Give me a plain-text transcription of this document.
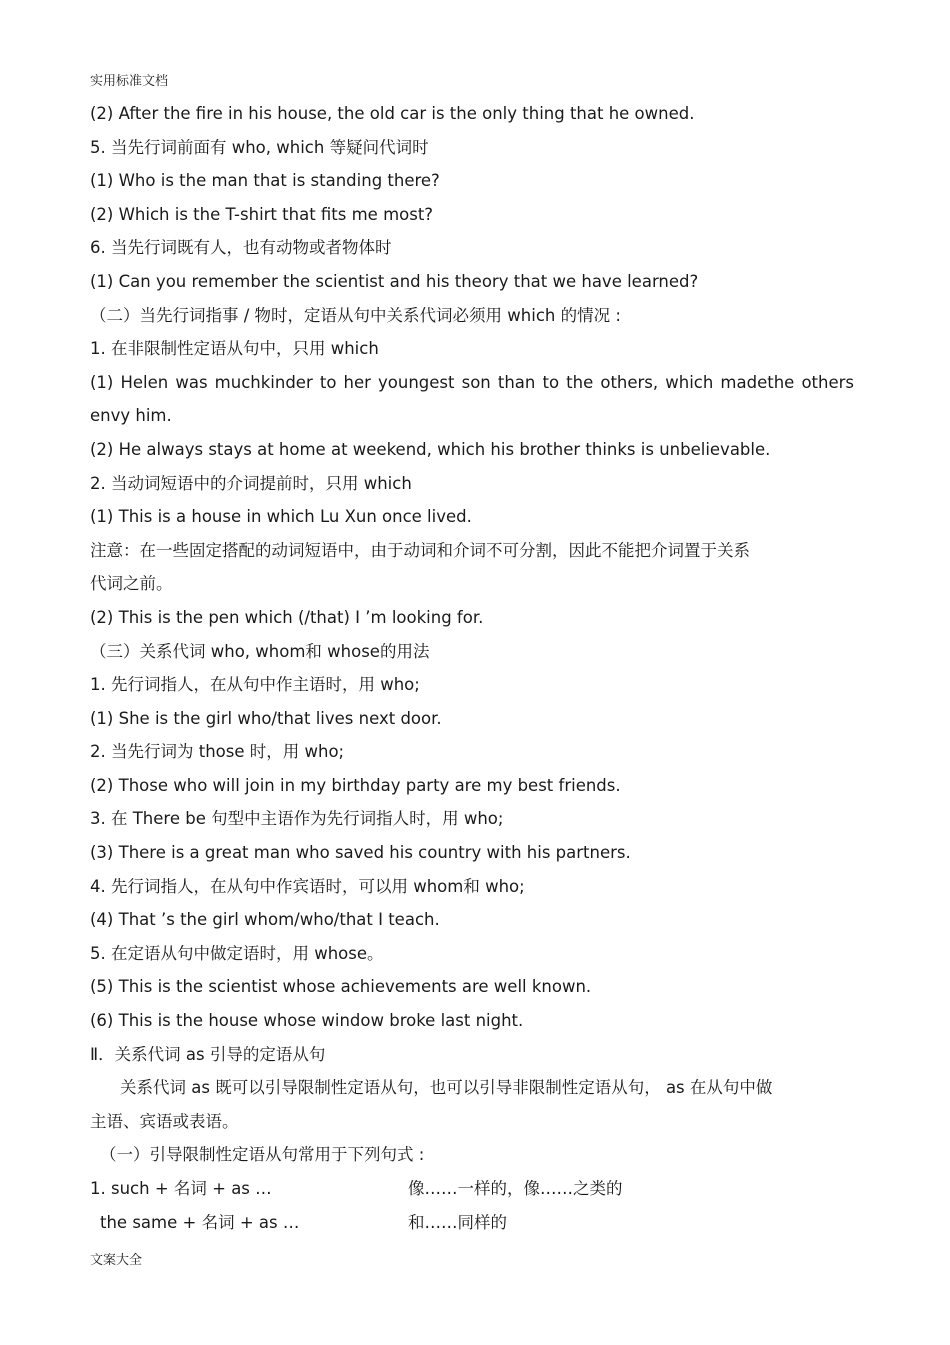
实用标准文档
(2) After the fire in his house, the old car is the only thing that he owned.
5. 当先行词前面有 who, which 等疑问代词时
(1) Who is the man that is standing there?
(2) Which is the T-shirt that fits me most?
6. 当先行词既有人，也有动物或者物体时
(1) Can you remember the scientist and his theory that we have learned?
（二）当先行词指事 / 物时，定语从句中关系代词必须用 which 的情况 :
1. 在非限制性定语从句中，只用 which
(1) Helen was muchkinder to her youngest son than to the others, which madethe others
envy him.
(2) He always stays at home at weekend, which his brother thinks is unbelievable.
2. 当动词短语中的介词提前时，只用 which
(1) This is a house in which Lu Xun once lived.
注意：在一些固定搭配的动词短语中，由于动词和介词不可分割，因此不能把介词置于关系
代词之前。
(2) This is the pen which (/that) I ’m looking for.
（三）关系代词 who, whom和 whose的用法
1. 先行词指人，在从句中作主语时，用 who;
(1) She is the girl who/that lives next door.
2. 当先行词为 those 时，用 who;
(2) Those who will join in my birthday party are my best friends.
3. 在 There be 句型中主语作为先行词指人时，用 who;
(3) There is a great man who saved his country with his partners.
4. 先行词指人，在从句中作宾语时，可以用 whom和 who;
(4) That ’s the girl whom/who/that I teach.
5. 在定语从句中做定语时，用 whose。
(5) This is the scientist whose achievements are well known.
(6) This is the house whose window broke last night.
Ⅱ．关系代词 as 引导的定语从句
关系代词 as 既可以引导限制性定语从句，也可以引导非限制性定语从句， as 在从句中做
主语、宾语或表语。
（一）引导限制性定语从句常用于下列句式 :
1. such + 名词 + as …	像……一样的，像……之类的
the same + 名词 + as …	和……同样的
文案大全
